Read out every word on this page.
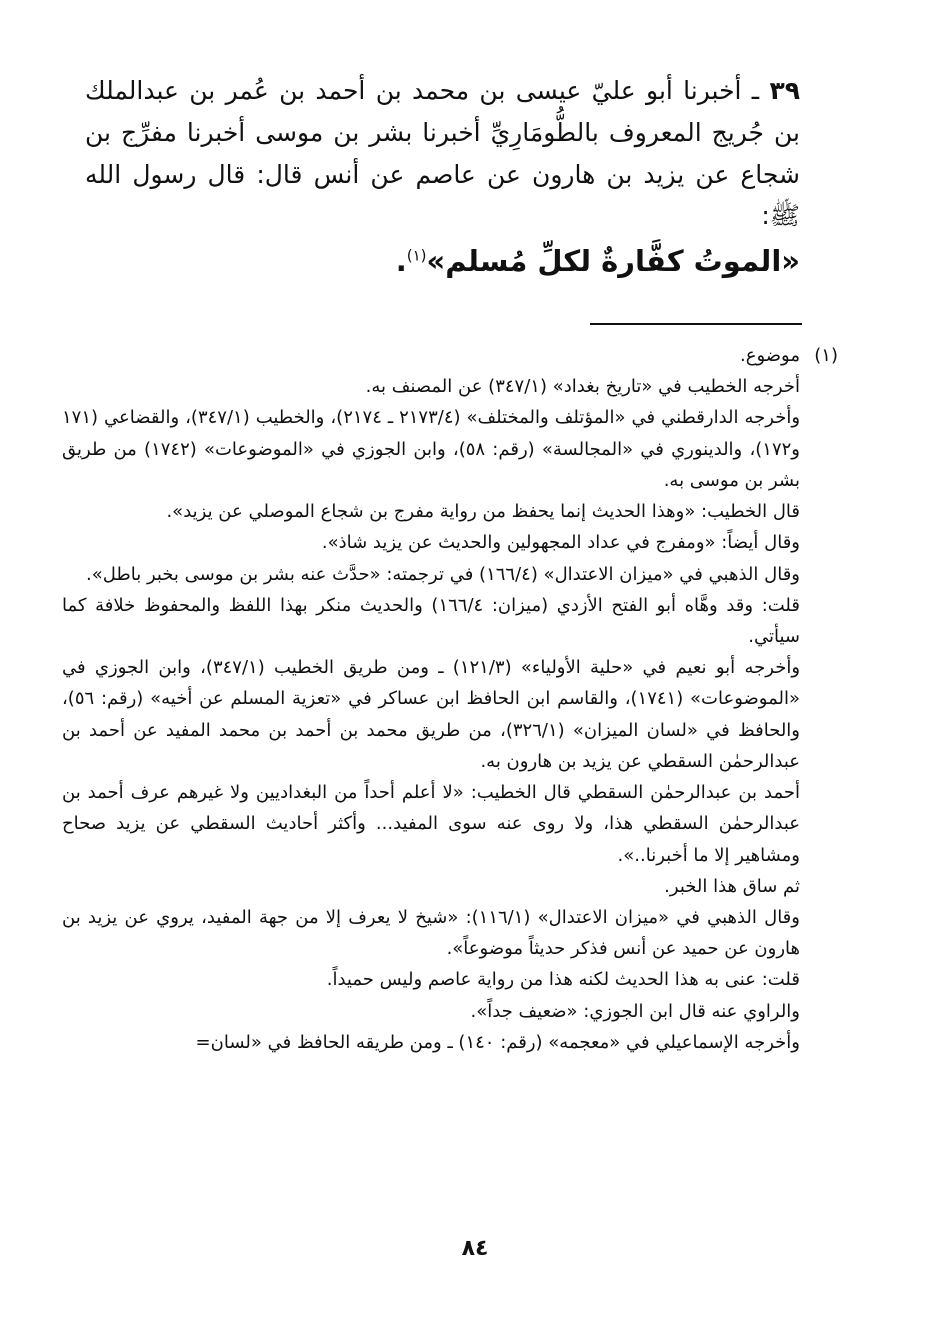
٣٩ ـ أخبرنا أبو عليّ عيسى بن محمد بن أحمد بن عُمر بن عبدالملك بن جُريج المعروف بالطُّومَارِيِّ أخبرنا بشر بن موسى أخبرنا مفرِّج بن شجاع عن يزيد بن هارون عن عاصم عن أنس قال: قال رسول الله ﷺ:
«الموتُ كفَّارةٌ لكلِّ مُسلم»$^{(١)}$.
(١)

موضوع.

أخرجه الخطيب في «تاريخ بغداد» (٣٤٧/١) عن المصنف به.

وأخرجه الدارقطني في «المؤتلف والمختلف» (٢١٧٣/٤ ـ ٢١٧٤)، والخطيب (٣٤٧/١)، والقضاعي (١٧١ و١٧٢)، والدينوري في «المجالسة» (رقم: ٥٨)، وابن الجوزي في «الموضوعات» (١٧٤٢) من طريق بشر بن موسى به.

قال الخطيب: «وهذا الحديث إنما يحفظ من رواية مفرج بن شجاع الموصلي عن يزيد».

وقال أيضاً: «ومفرج في عداد المجهولين والحديث عن يزيد شاذ».

وقال الذهبي في «ميزان الاعتدال» (١٦٦/٤) في ترجمته: «حدَّث عنه بشر بن موسى بخبر باطل».

قلت: وقد وهَّاه أبو الفتح الأزدي (ميزان: ١٦٦/٤) والحديث منكر بهذا اللفظ والمحفوظ خلافة كما سيأتي.

وأخرجه أبو نعيم في «حلية الأولياء» (١٢١/٣) ـ ومن طريق الخطيب (٣٤٧/١)، وابن الجوزي في «الموضوعات» (١٧٤١)، والقاسم ابن الحافظ ابن عساكر في «تعزية المسلم عن أخيه» (رقم: ٥٦)، والحافظ في «لسان الميزان» (٣٢٦/١)، من طريق محمد بن أحمد بن محمد المفيد عن أحمد بن عبدالرحمٰن السقطي عن يزيد بن هارون به.

أحمد بن عبدالرحمٰن السقطي قال الخطيب: «لا أعلم أحداً من البغداديين ولا غيرهم عرف أحمد بن عبدالرحمٰن السقطي هذا، ولا روى عنه سوى المفيد... وأكثر أحاديث السقطي عن يزيد صحاح ومشاهير إلا ما أخبرنا..».

ثم ساق هذا الخبر.

وقال الذهبي في «ميزان الاعتدال» (١١٦/١): «شيخ لا يعرف إلا من جهة المفيد، يروي عن يزيد بن هارون عن حميد عن أنس فذكر حديثاً موضوعاً».

قلت: عنى به هذا الحديث لكنه هذا من رواية عاصم وليس حميداً.

والراوي عنه قال ابن الجوزي: «ضعيف جداً».

وأخرجه الإسماعيلي في «معجمه» (رقم: ١٤٠) ـ ومن طريقه الحافظ في «لسان=

٨٤
